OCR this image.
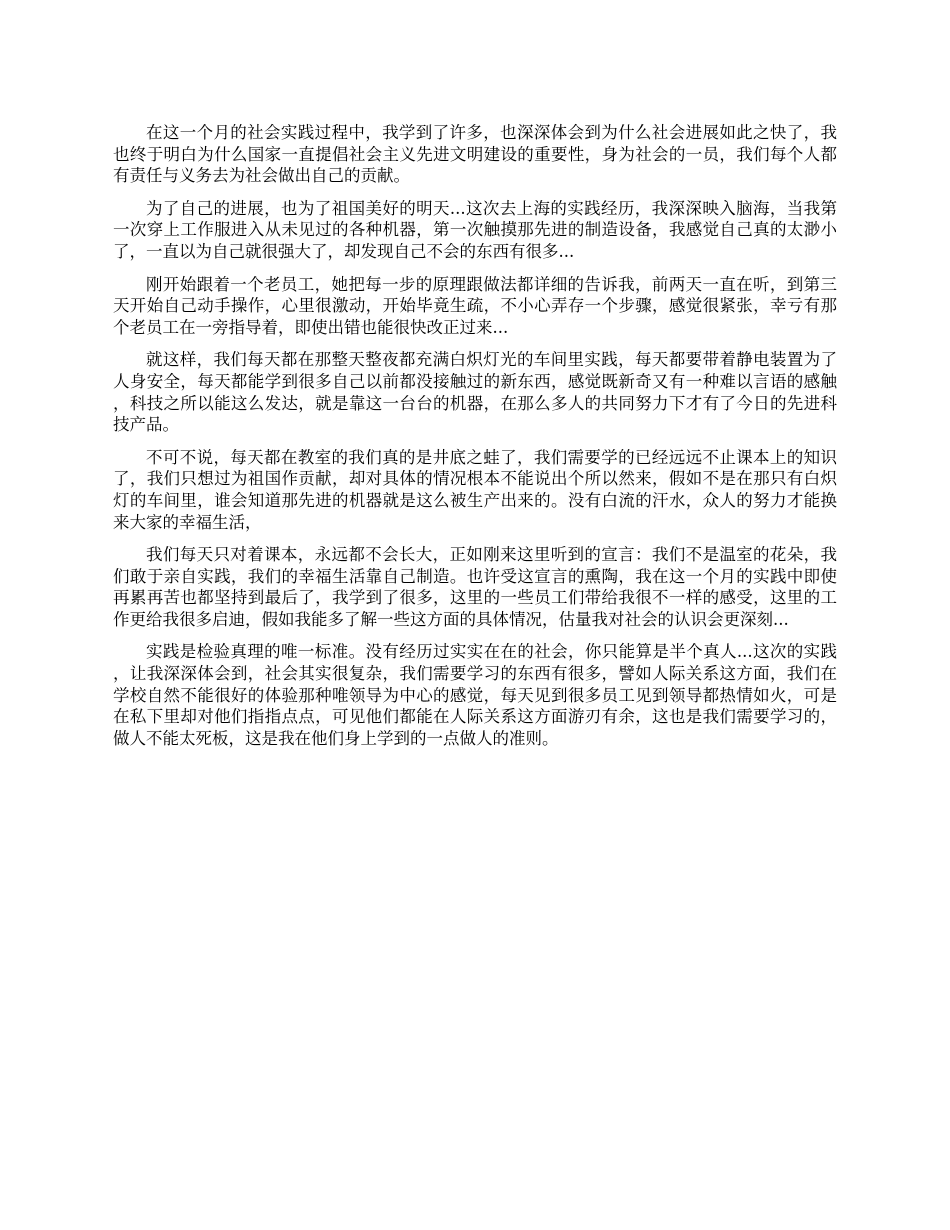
在这一个月的社会实践过程中，我学到了许多，也深深体会到为什么社会进展如此之快了，我也终于明白为什么国家一直提倡社会主义先进文明建设的重要性，身为社会的一员，我们每个人都有责任与义务去为社会做出自己的贡献。

为了自己的进展，也为了祖国美好的明天...这次去上海的实践经历，我深深映入脑海，当我第一次穿上工作服进入从未见过的各种机器，第一次触摸那先进的制造设备，我感觉自己真的太渺小了，一直以为自己就很强大了，却发现自己不会的东西有很多...

刚开始跟着一个老员工，她把每一步的原理跟做法都详细的告诉我，前两天一直在听，到第三天开始自己动手操作，心里很激动，开始毕竟生疏，不小心弄存一个步骤，感觉很紧张，幸亏有那个老员工在一旁指导着，即使出错也能很快改正过来...

就这样，我们每天都在那整天整夜都充满白炽灯光的车间里实践，每天都要带着静电装置为了人身安全，每天都能学到很多自己以前都没接触过的新东西，感觉既新奇又有一种难以言语的感触，科技之所以能这么发达，就是靠这一台台的机器，在那么多人的共同努力下才有了今日的先进科技产品。

不可不说，每天都在教室的我们真的是井底之蛙了，我们需要学的已经远远不止课本上的知识了，我们只想过为祖国作贡献，却对具体的情况根本不能说出个所以然来，假如不是在那只有白炽灯的车间里，谁会知道那先进的机器就是这么被生产出来的。没有白流的汗水，众人的努力才能换来大家的幸福生活，

我们每天只对着课本，永远都不会长大，正如刚来这里听到的宣言：我们不是温室的花朵，我们敢于亲自实践，我们的幸福生活靠自己制造。也许受这宣言的熏陶，我在这一个月的实践中即使再累再苦也都坚持到最后了，我学到了很多，这里的一些员工们带给我很不一样的感受，这里的工作更给我很多启迪，假如我能多了解一些这方面的具体情况，估量我对社会的认识会更深刻...

实践是检验真理的唯一标准。没有经历过实实在在的社会，你只能算是半个真人...这次的实践，让我深深体会到，社会其实很复杂，我们需要学习的东西有很多，譬如人际关系这方面，我们在学校自然不能很好的体验那种唯领导为中心的感觉，每天见到很多员工见到领导都热情如火，可是在私下里却对他们指指点点，可见他们都能在人际关系这方面游刃有余，这也是我们需要学习的，做人不能太死板，这是我在他们身上学到的一点做人的准则。
